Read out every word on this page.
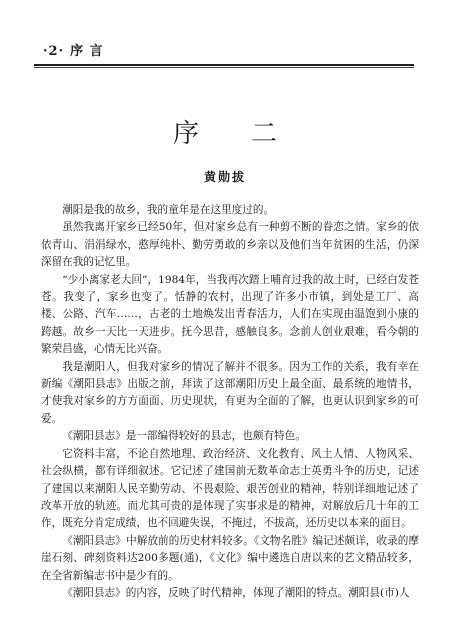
·2· 序 言
序二
黄勋拔

潮阳是我的故乡，我的童年是在这里度过的。

虽然我离开家乡已经50年，但对家乡总有一种剪不断的眷恋之情。家乡的依依青山、涓涓绿水，憨厚纯朴、勤劳勇敢的乡亲以及他们当年贫困的生活，仍深深留在我的记忆里。

“少小离家老大回”，1984年，当我再次踏上哺育过我的故土时，已经白发苍苍。我变了，家乡也变了。恬静的农村，出现了许多小市镇，到处是工厂、高楼、公路、汽车……，古老的土地焕发出青春活力，人们在实现由温饱到小康的跨越。故乡一天比一天进步。抚今思昔，感触良多。念前人创业艰难，看今朝的繁荣昌盛，心情无比兴奋。

我是潮阳人，但我对家乡的情况了解并不很多。因为工作的关系，我有幸在新编《潮阳县志》出版之前，拜读了这部潮阳历史上最全面、最系统的地情书，才使我对家乡的方方面面、历史现状，有更为全面的了解，也更认识到家乡的可爱。

《潮阳县志》是一部编得较好的县志，也颇有特色。

它资料丰富，不论自然地理、政治经济、文化教育、风土人情、人物风采、社会纵横，都有详细叙述。它记述了建国前无数革命志士英勇斗争的历史，记述了建国以来潮阳人民辛勤劳动、不畏艰险、艰苦创业的精神，特别详细地记述了改革开放的轨迹。而尤其可贵的是体现了实事求是的精神，对解放后几十年的工作，既充分肯定成绩，也不回避失误，不掩过，不拔高，还历史以本来的面目。

《潮阳县志》中解放前的历史材料较多。《文物名胜》编记述颇详，收录的摩崖石刻、碑刻资料达200多题(通)，《文化》编中遴选自唐以来的艺文精品较多，在全省新编志书中是少有的。

《潮阳县志》的内容，反映了时代精神，体现了潮阳的特点。潮阳县(市)人
